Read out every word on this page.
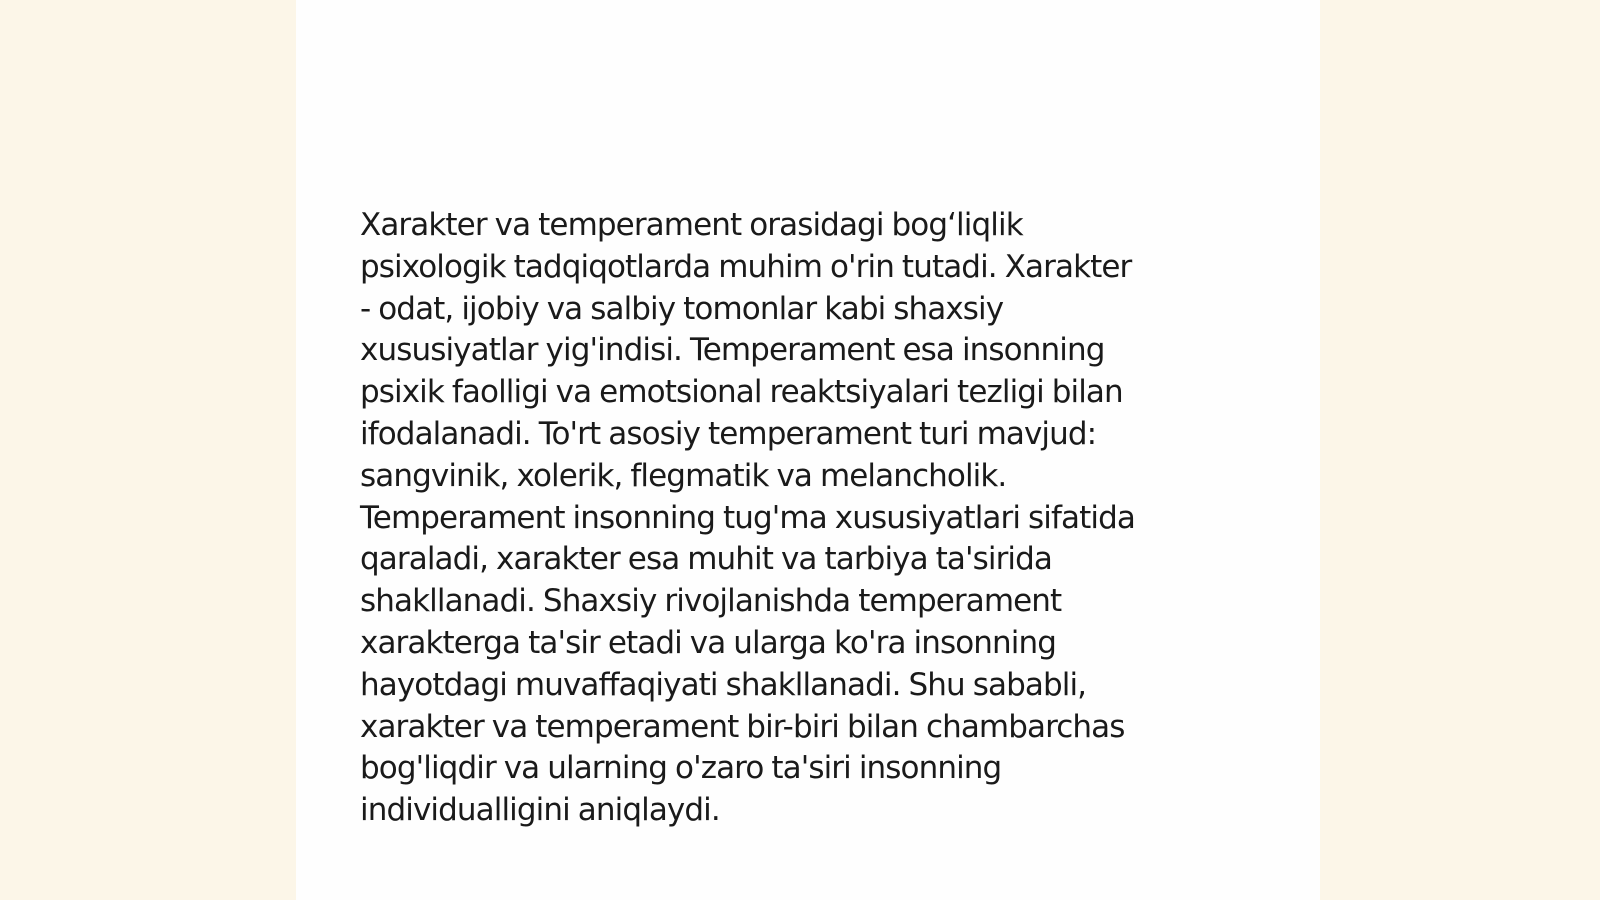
Xarakter va temperament orasidagi bog‘liqlik
psixologik tadqiqotlarda muhim o'rin tutadi. Xarakter
- odat, ijobiy va salbiy tomonlar kabi shaxsiy
xususiyatlar yig'indisi. Temperament esa insonning
psixik faolligi va emotsional reaktsiyalari tezligi bilan
ifodalanadi. To'rt asosiy temperament turi mavjud:
sangvinik, xolerik, flegmatik va melancholik.
Temperament insonning tug'ma xususiyatlari sifatida
qaraladi, xarakter esa muhit va tarbiya ta'sirida
shakllanadi. Shaxsiy rivojlanishda temperament
xarakterga ta'sir etadi va ularga ko'ra insonning
hayotdagi muvaffaqiyati shakllanadi. Shu sababli,
xarakter va temperament bir-biri bilan chambarchas
bog'liqdir va ularning o'zaro ta'siri insonning
individualligini aniqlaydi.
